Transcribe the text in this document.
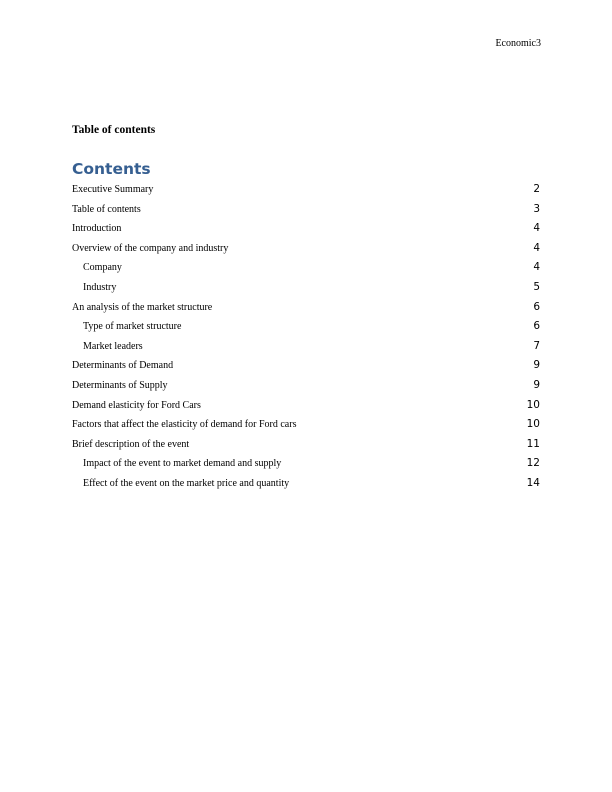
Economic3
Table of contents
Contents
Executive Summary	2
Table of contents	3
Introduction	4
Overview of the company and industry	4
Company	4
Industry	5
An analysis of the market structure	6
Type of market structure	6
Market leaders	7
Determinants of Demand	9
Determinants of Supply	9
Demand elasticity for Ford Cars	10
Factors that affect the elasticity of demand for Ford cars	10
Brief description of the event	11
Impact of the event to market demand and supply	12
Effect of the event on the market price and quantity	14
